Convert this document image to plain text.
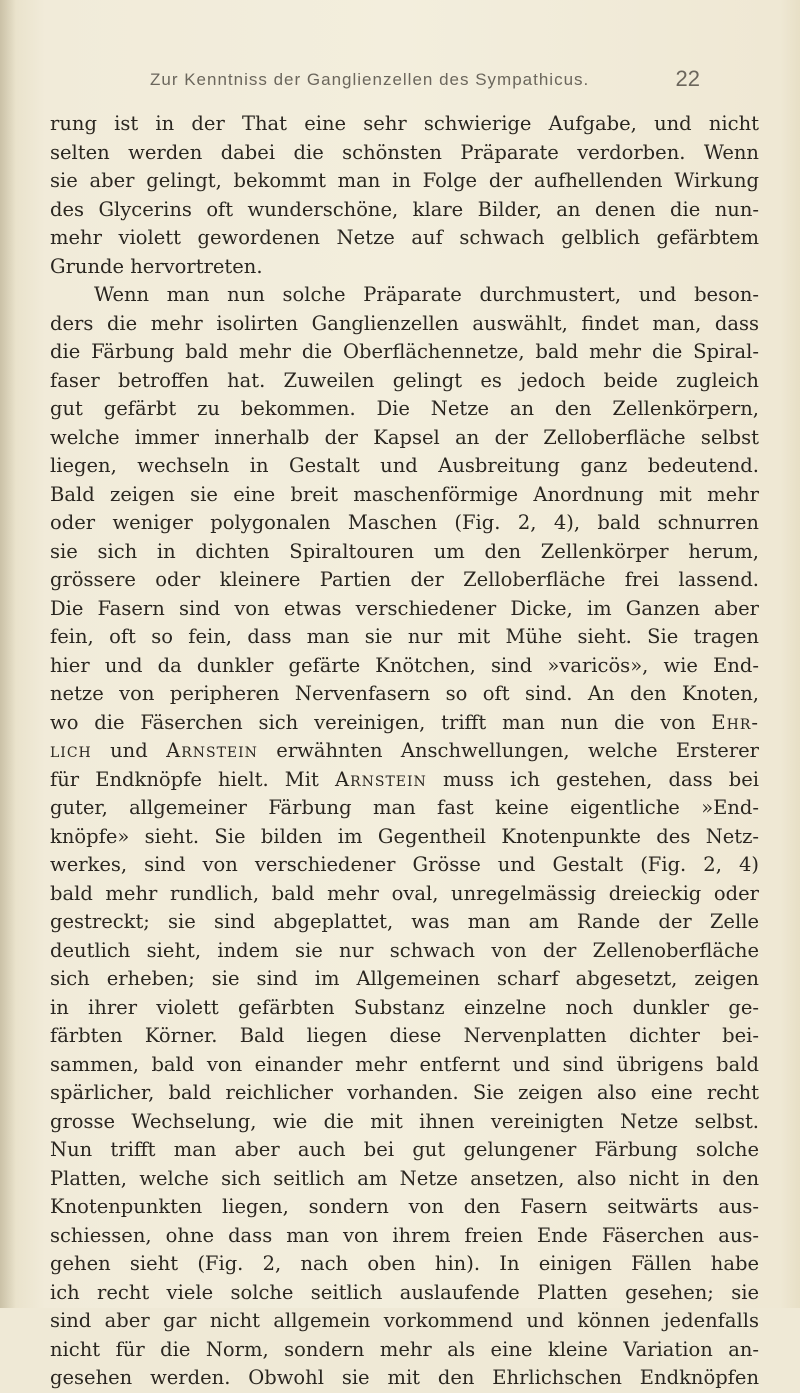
Zur Kenntniss der Ganglienzellen des Sympathicus.	22
rung ist in der That eine sehr schwierige Aufgabe, und nicht
selten werden dabei die schönsten Präparate verdorben. Wenn
sie aber gelingt, bekommt man in Folge der aufhellenden Wirkung
des Glycerins oft wunderschöne, klare Bilder, an denen die nun-
mehr violett gewordenen Netze auf schwach gelblich gefärbtem
Grunde hervortreten.
Wenn man nun solche Präparate durchmustert, und beson-
ders die mehr isolirten Ganglienzellen auswählt, findet man, dass
die Färbung bald mehr die Oberflächennetze, bald mehr die Spiral-
faser betroffen hat. Zuweilen gelingt es jedoch beide zugleich
gut gefärbt zu bekommen. Die Netze an den Zellenkörpern,
welche immer innerhalb der Kapsel an der Zelloberfläche selbst
liegen, wechseln in Gestalt und Ausbreitung ganz bedeutend.
Bald zeigen sie eine breit maschenförmige Anordnung mit mehr
oder weniger polygonalen Maschen (Fig. 2, 4), bald schnurren
sie sich in dichten Spiraltouren um den Zellenkörper herum,
grössere oder kleinere Partien der Zelloberfläche frei lassend.
Die Fasern sind von etwas verschiedener Dicke, im Ganzen aber
fein, oft so fein, dass man sie nur mit Mühe sieht. Sie tragen
hier und da dunkler gefärte Knötchen, sind »varicös», wie End-
netze von peripheren Nervenfasern so oft sind. An den Knoten,
wo die Fäserchen sich vereinigen, trifft man nun die von Ehr-
lich und Arnstein erwähnten Anschwellungen, welche Ersterer
für Endknöpfe hielt. Mit Arnstein muss ich gestehen, dass bei
guter, allgemeiner Färbung man fast keine eigentliche »End-
knöpfe» sieht. Sie bilden im Gegentheil Knotenpunkte des Netz-
werkes, sind von verschiedener Grösse und Gestalt (Fig. 2, 4)
bald mehr rundlich, bald mehr oval, unregelmässig dreieckig oder
gestreckt; sie sind abgeplattet, was man am Rande der Zelle
deutlich sieht, indem sie nur schwach von der Zellenoberfläche
sich erheben; sie sind im Allgemeinen scharf abgesetzt, zeigen
in ihrer violett gefärbten Substanz einzelne noch dunkler ge-
färbten Körner. Bald liegen diese Nervenplatten dichter bei-
sammen, bald von einander mehr entfernt und sind übrigens bald
spärlicher, bald reichlicher vorhanden. Sie zeigen also eine recht
grosse Wechselung, wie die mit ihnen vereinigten Netze selbst.
Nun trifft man aber auch bei gut gelungener Färbung solche
Platten, welche sich seitlich am Netze ansetzen, also nicht in den
Knotenpunkten liegen, sondern von den Fasern seitwärts aus-
schiessen, ohne dass man von ihrem freien Ende Fäserchen aus-
gehen sieht (Fig. 2, nach oben hin). In einigen Fällen habe
ich recht viele solche seitlich auslaufende Platten gesehen; sie
sind aber gar nicht allgemein vorkommend und können jedenfalls
nicht für die Norm, sondern mehr als eine kleine Variation an-
gesehen werden. Obwohl sie mit den Ehrlichschen Endknöpfen
